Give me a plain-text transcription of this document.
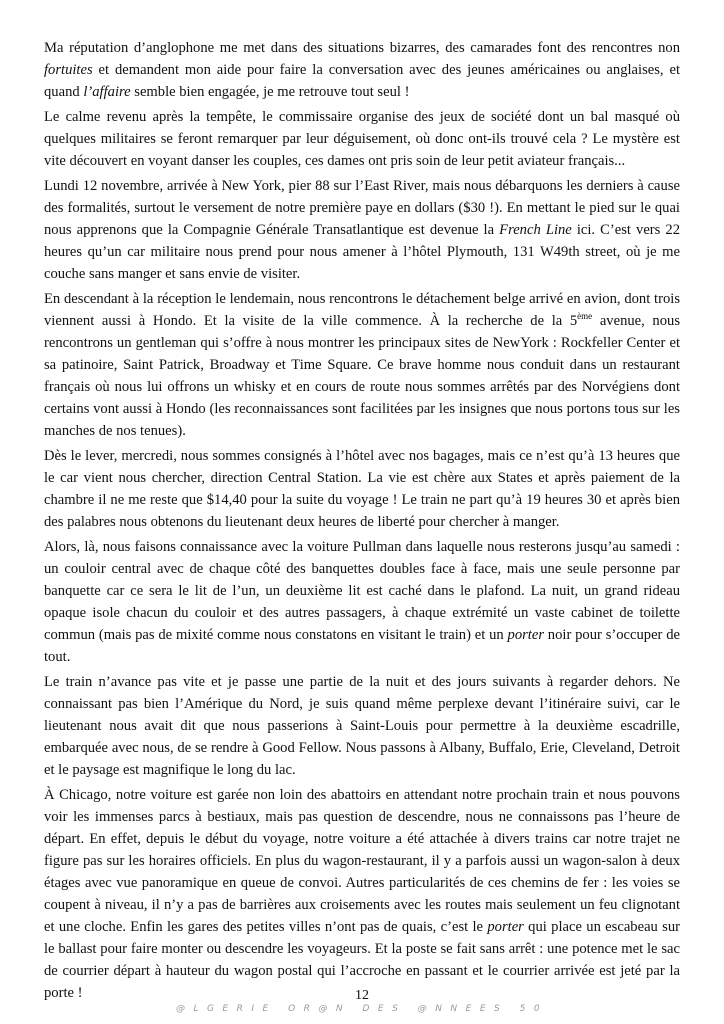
Ma réputation d’anglophone me met dans des situations bizarres, des camarades font des rencontres non fortuites et demandent mon aide pour faire la conversation avec des jeunes américaines ou anglaises, et quand l’affaire semble bien engagée, je me retrouve tout seul !

Le calme revenu après la tempête, le commissaire organise des jeux de société dont un bal masqué où quelques militaires se feront remarquer par leur déguisement, où donc ont-ils trouvé cela ? Le mystère est vite découvert en voyant danser les couples, ces dames ont pris soin de leur petit aviateur français...

Lundi 12 novembre, arrivée à New York, pier 88 sur l’East River, mais nous débarquons les derniers à cause des formalités, surtout le versement de notre première paye en dollars ($30 !). En mettant le pied sur le quai nous apprenons que la Compagnie Générale Transatlantique est devenue la French Line ici. C’est vers 22 heures qu’un car militaire nous prend pour nous amener à l’hôtel Plymouth, 131 W49th street, où je me couche sans manger et sans envie de visiter.

En descendant à la réception le lendemain, nous rencontrons le détachement belge arrivé en avion, dont trois viennent aussi à Hondo. Et la visite de la ville commence. À la recherche de la 5ème avenue, nous rencontrons un gentleman qui s’offre à nous montrer les principaux sites de NewYork : Rockfeller Center et sa patinoire, Saint Patrick, Broadway et Time Square. Ce brave homme nous conduit dans un restaurant français où nous lui offrons un whisky et en cours de route nous sommes arrêtés par des Norvégiens dont certains vont aussi à Hondo (les reconnaissances sont facilitées par les insignes que nous portons tous sur les manches de nos tenues).

Dès le lever, mercredi, nous sommes consignés à l’hôtel avec nos bagages, mais ce n’est qu’à 13 heures que le car vient nous chercher, direction Central Station. La vie est chère aux States et après paiement de la chambre il ne me reste que $14,40 pour la suite du voyage ! Le train ne part qu’à 19 heures 30 et après bien des palabres nous obtenons du lieutenant deux heures de liberté pour chercher à manger.

Alors, là, nous faisons connaissance avec la voiture Pullman dans laquelle nous resterons jusqu’au samedi : un couloir central avec de chaque côté des banquettes doubles face à face, mais une seule personne par banquette car ce sera le lit de l’un, un deuxième lit est caché dans le plafond. La nuit, un grand rideau opaque isole chacun du couloir et des autres passagers, à chaque extrémité un vaste cabinet de toilette commun (mais pas de mixité comme nous constatons en visitant le train) et un porter noir pour s’occuper de tout.

Le train n’avance pas vite et je passe une partie de la nuit et des jours suivants à regarder dehors. Ne connaissant pas bien l’Amérique du Nord, je suis quand même perplexe devant l’itinéraire suivi, car le lieutenant nous avait dit que nous passerions à Saint-Louis pour permettre à la deuxième escadrille, embarquée avec nous, de se rendre à Good Fellow. Nous passons à Albany, Buffalo, Erie, Cleveland, Detroit et le paysage est magnifique le long du lac.

À Chicago, notre voiture est garée non loin des abattoirs en attendant notre prochain train et nous pouvons voir les immenses parcs à bestiaux, mais pas question de descendre, nous ne connaissons pas l’heure de départ. En effet, depuis le début du voyage, notre voiture a été attachée à divers trains car notre trajet ne figure pas sur les horaires officiels. En plus du wagon-restaurant, il y a parfois aussi un wagon-salon à deux étages avec vue panoramique en queue de convoi. Autres particularités de ces chemins de fer : les voies se coupent à niveau, il n’y a pas de barrières aux croisements avec les routes mais seulement un feu clignotant et une cloche. Enfin les gares des petites villes n’ont pas de quais, c’est le porter qui place un escabeau sur le ballast pour faire monter ou descendre les voyageurs. Et la poste se fait sans arrêt : une potence met le sac de courrier départ à hauteur du wagon postal qui l’accroche en passant et le courrier arrivée est jeté par la porte !	12
@LGERIE OR@N DES @NNEES 50
